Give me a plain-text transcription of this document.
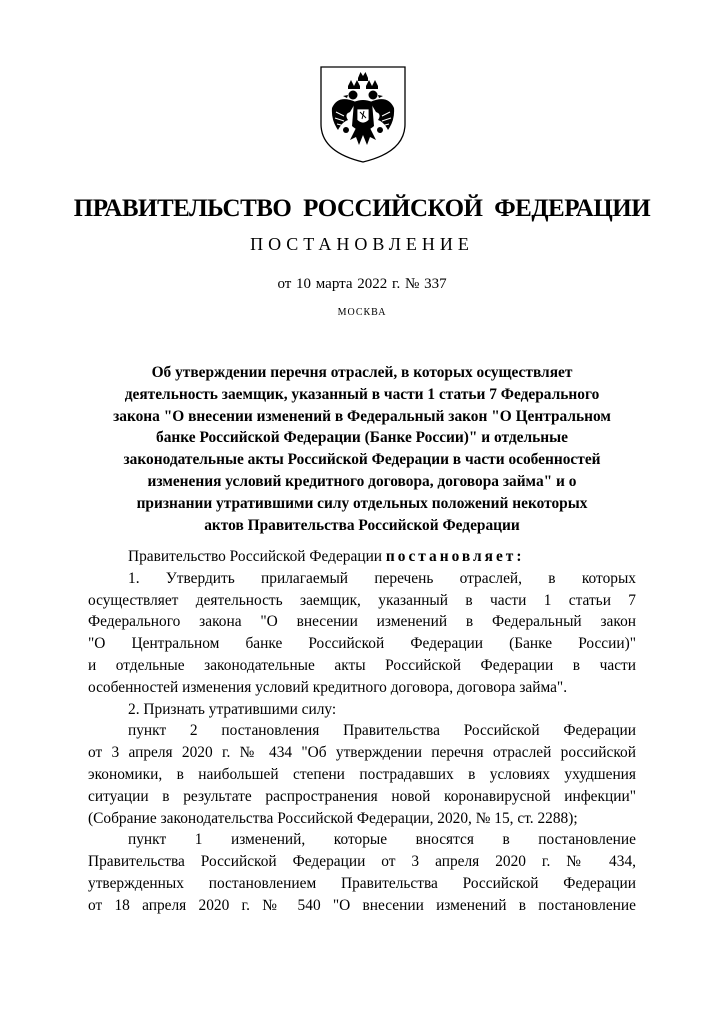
ПРАВИТЕЛЬСТВО РОССИЙСКОЙ ФЕДЕРАЦИИ
ПОСТАНОВЛЕНИЕ
от 10 марта 2022 г. № 337
МОСКВА
Об утверждении перечня отраслей, в которых осуществляет
деятельность заемщик, указанный в части 1 статьи 7 Федерального
закона "О внесении изменений в Федеральный закон "О Центральном
банке Российской Федерации (Банке России)" и отдельные
законодательные акты Российской Федерации в части особенностей
изменения условий кредитного договора, договора займа" и о
признании утратившими силу отдельных положений некоторых
актов Правительства Российской Федерации
Правительство Российской Федерации постановляет:
1. Утвердить прилагаемый перечень отраслей, в которых
осуществляет деятельность заемщик, указанный в части 1 статьи 7
Федерального закона "О внесении изменений в Федеральный закон
"О Центральном банке Российской Федерации (Банке России)"
и отдельные законодательные акты Российской Федерации в части
особенностей изменения условий кредитного договора, договора займа".
2. Признать утратившими силу:
пункт 2 постановления Правительства Российской Федерации
от 3 апреля 2020 г. № 434 "Об утверждении перечня отраслей российской
экономики, в наибольшей степени пострадавших в условиях ухудшения
ситуации в результате распространения новой коронавирусной инфекции"
(Собрание законодательства Российской Федерации, 2020, № 15, ст. 2288);
пункт 1 изменений, которые вносятся в постановление
Правительства Российской Федерации от 3 апреля 2020 г. № 434,
утвержденных постановлением Правительства Российской Федерации
от 18 апреля 2020 г. № 540 "О внесении изменений в постановление
